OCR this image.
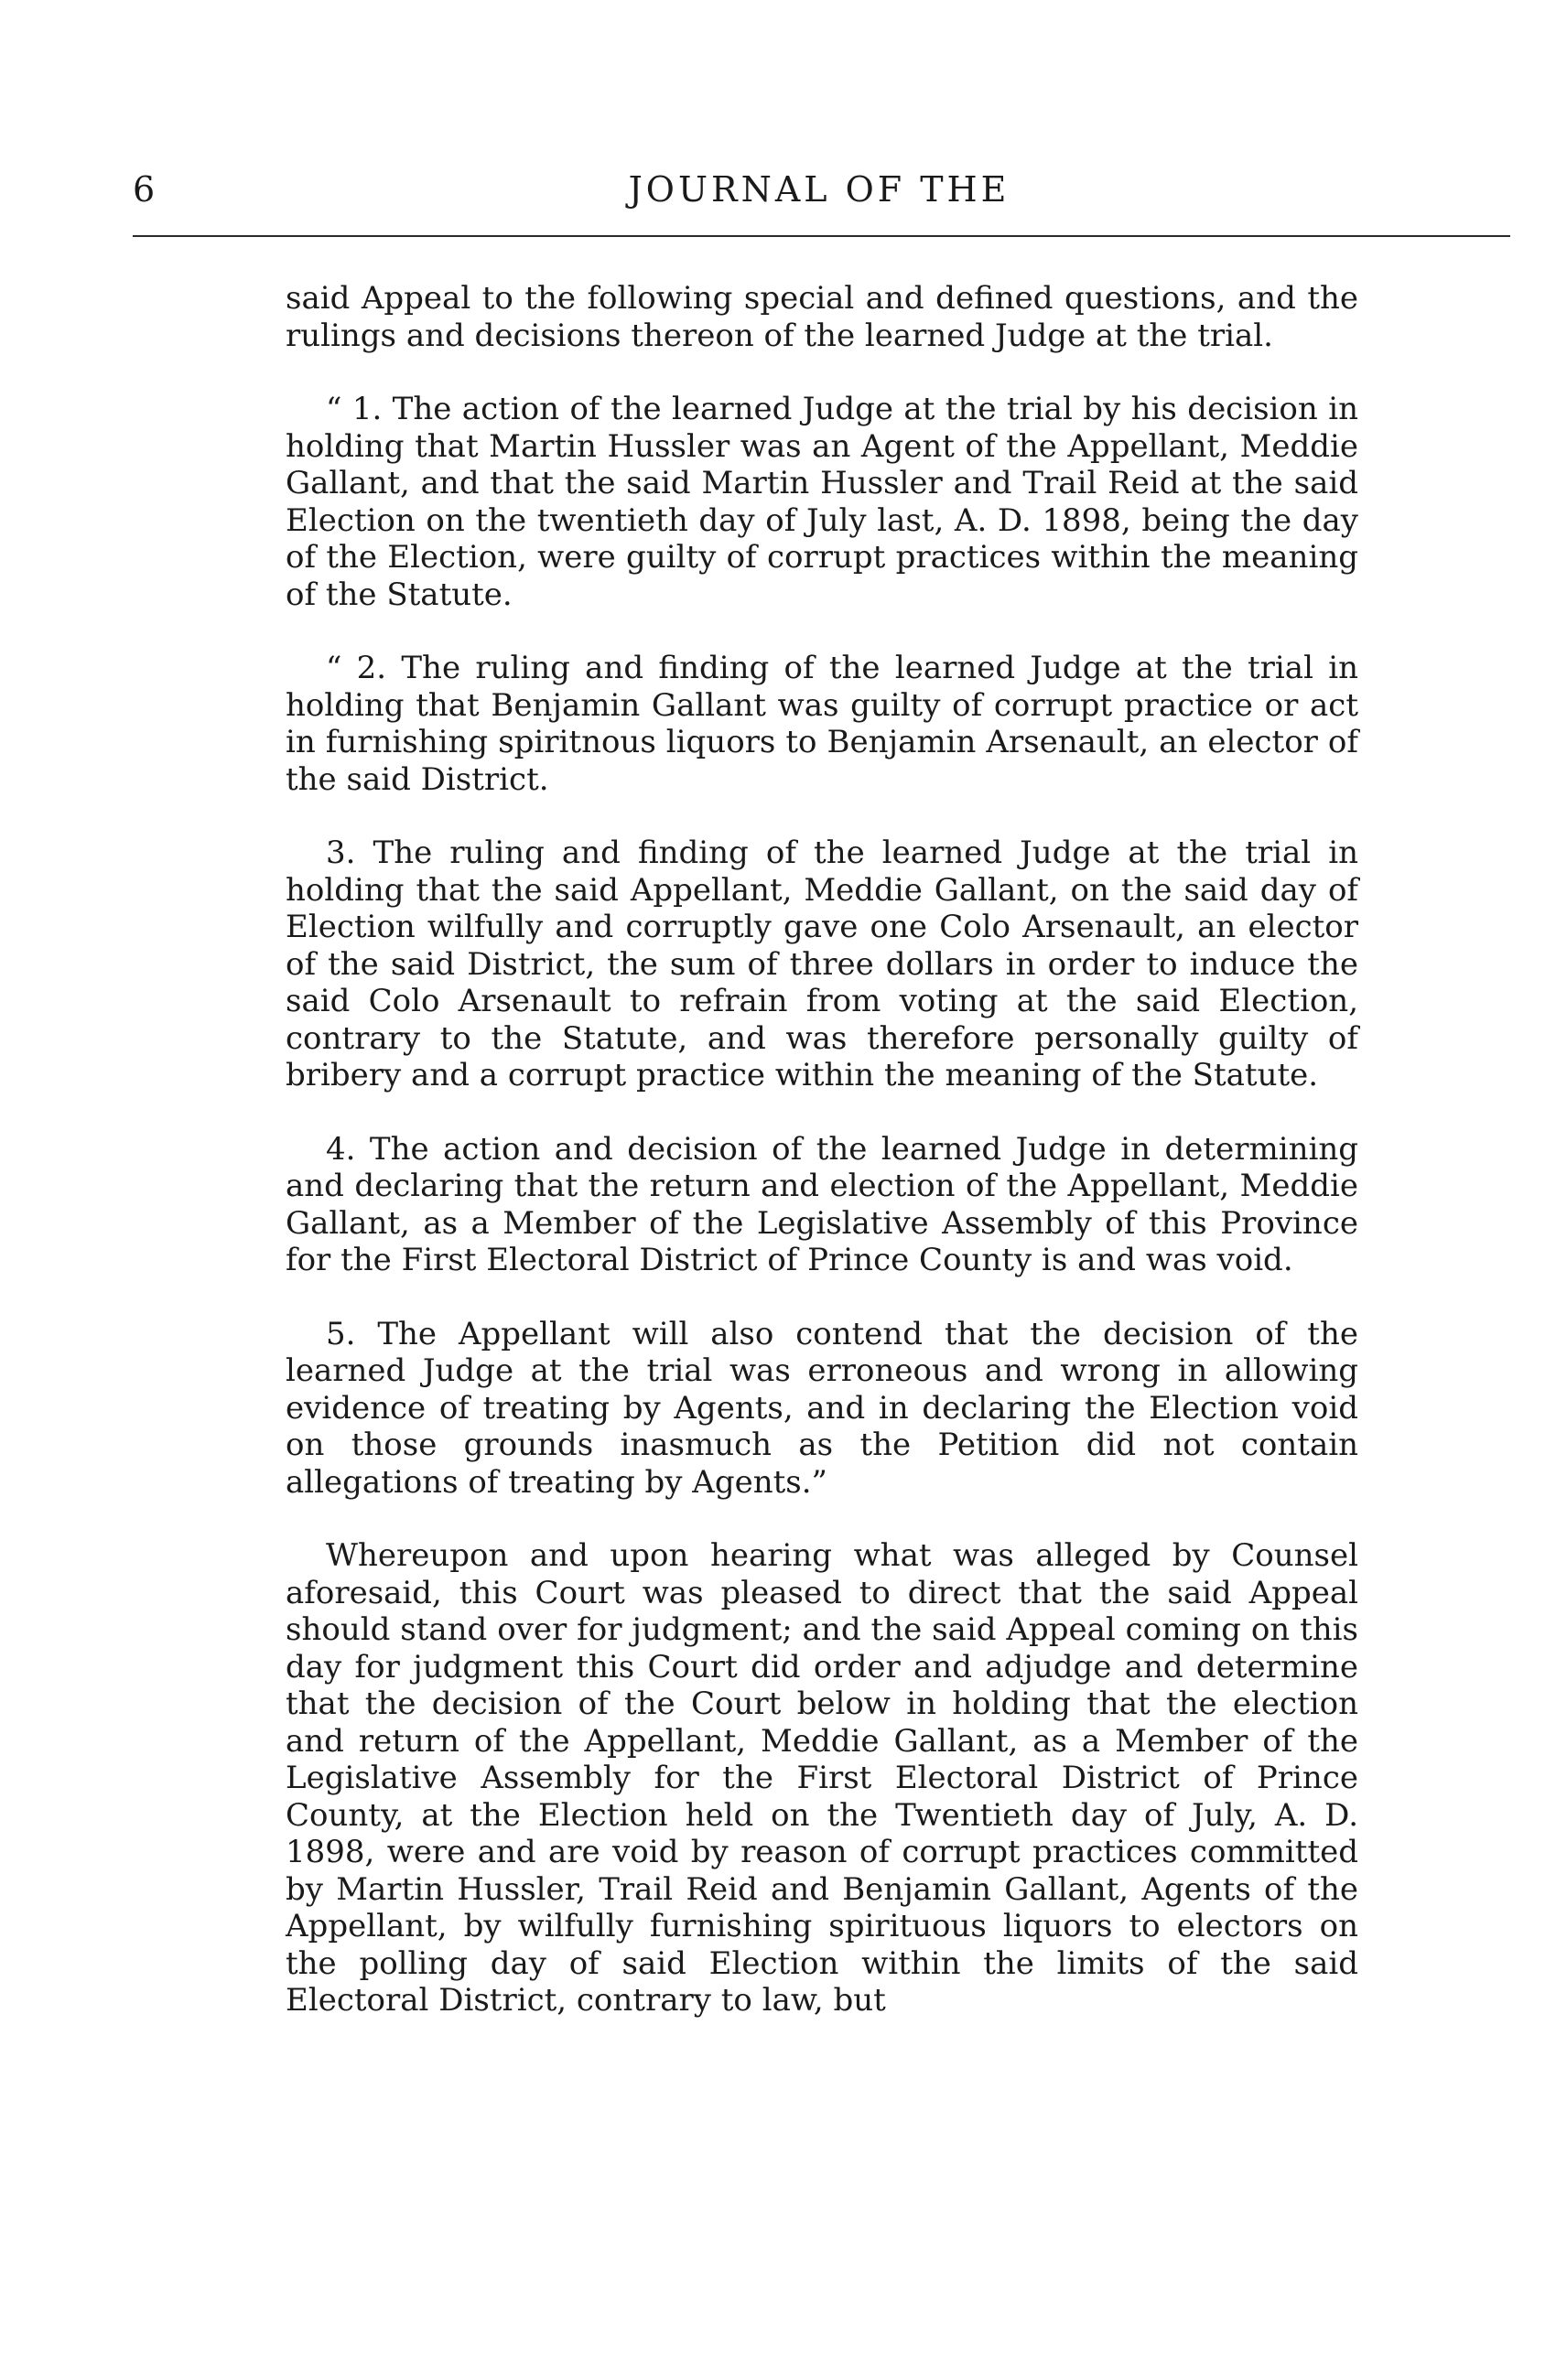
6	JOURNAL OF THE

said Appeal to the following special and defined questions, and the rulings and decisions thereon of the learned Judge at the trial.

“ 1. The action of the learned Judge at the trial by his decision in holding that Martin Hussler was an Agent of the Appellant, Meddie Gallant, and that the said Martin Hussler and Trail Reid at the said Election on the twentieth day of July last, A. D. 1898, being the day of the Election, were guilty of corrupt practices within the meaning of the Statute.

“ 2. The ruling and finding of the learned Judge at the trial in holding that Benjamin Gallant was guilty of corrupt practice or act in furnishing spiritnous liquors to Benjamin Arsenault, an elector of the said District.

3. The ruling and finding of the learned Judge at the trial in holding that the said Appellant, Meddie Gallant, on the said day of Election wilfully and corruptly gave one Colo Arsenault, an elector of the said District, the sum of three dollars in order to induce the said Colo Arsenault to refrain from voting at the said Election, contrary to the Statute, and was therefore personally guilty of bribery and a corrupt practice within the meaning of the Statute.

4. The action and decision of the learned Judge in determining and declaring that the return and election of the Appellant, Meddie Gallant, as a Member of the Legislative Assembly of this Province for the First Electoral District of Prince County is and was void.

5. The Appellant will also contend that the decision of the learned Judge at the trial was erroneous and wrong in allowing evidence of treating by Agents, and in declaring the Election void on those grounds inasmuch as the Petition did not contain allegations of treating by Agents.”

Whereupon and upon hearing what was alleged by Counsel aforesaid, this Court was pleased to direct that the said Appeal should stand over for judgment; and the said Appeal coming on this day for judgment this Court did order and adjudge and determine that the decision of the Court below in holding that the election and return of the Appellant, Meddie Gallant, as a Member of the Legislative Assembly for the First Electoral District of Prince County, at the Election held on the Twentieth day of July, A. D. 1898, were and are void by reason of corrupt practices committed by Martin Hussler, Trail Reid and Benjamin Gallant, Agents of the Appellant, by wilfully furnishing spirituous liquors to electors on the polling day of said Election within the limits of the said Electoral District, contrary to law, but
